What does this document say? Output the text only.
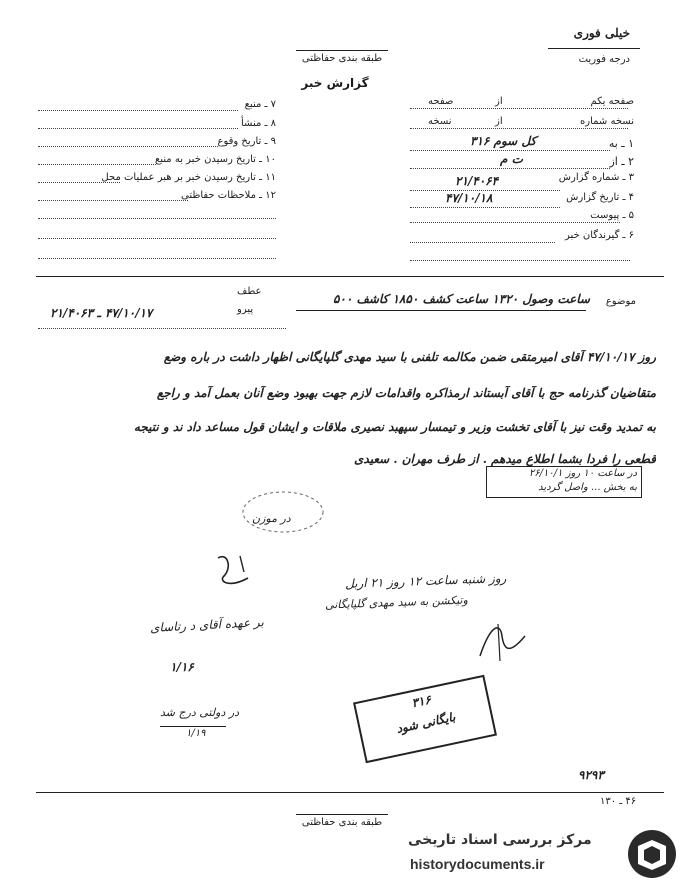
خیلی فوری
درجه فوریت
طبقه بندی حفاظتی
گزارش خبر
صفحه یکم
از
صفحه
نسخه شماره
از
نسخه
۱ ـ به
کل سوم ۳۱۶
۲ ـ از
ت م
۳ ـ شماره گزارش
۲۱/۴۰۶۴
۴ ـ تاریخ گزارش
۴۷/۱۰/۱۸
۵ ـ پیوست
۶ ـ گیرندگان خبر
۷ ـ منبع
۸ ـ منشأ
۹ ـ تاریخ وقوع
۱۰ ـ تاریخ رسیدن خبر به منبع
۱۱ ـ تاریخ رسیدن خبر بر هبر عملیات محل
۱۲ ـ ملاحظات حفاظتی
موضوع
ساعت وصول ۱۳۲۰ ساعت کشف ۱۸۵۰ کاشف ۵۰۰
عطف
پیرو
۴۷/۱۰/۱۷ ـ ۲۱/۴۰۶۳
روز ۴۷/۱۰/۱۷ آقای امیرمتقی ضمن مکالمه تلفنی با سید مهدی گلپایگانی اظهار داشت در باره وضع
متقاضیان گذرنامه حج با آقای آبستاند ارمذاکره واقدامات لازم جهت بهبود وضع آنان بعمل آمد و راجع
به تمدید وقت نیز با آقای تخشت وزیر و تیمسار سپهبد نصیری ملاقات و ایشان قول مساعد داد ند و نتیجه
قطعی را فردا بشما اطلاع میدهم . از طرف مهران . سعیدی
در ساعت ۱۰ روز ۲۶/۱۰/۱
به بخش ... واصل گردید
در موزن
روز شنبه ساعت ۱۲ روز ۲۱ اربل
وتیکشن به سید مهدی گلپایگانی
بر عهده آقای د رتاسای
۱/۱۶
در دولتی درج شد
۱/۱۹
۳۱۶
بایگانی شود
۹۲۹۳
۴۶ ـ ۱۳۰
طبقه بندی حفاظتی
مرکز بررسی اسناد تاریخی
historydocuments.ir
